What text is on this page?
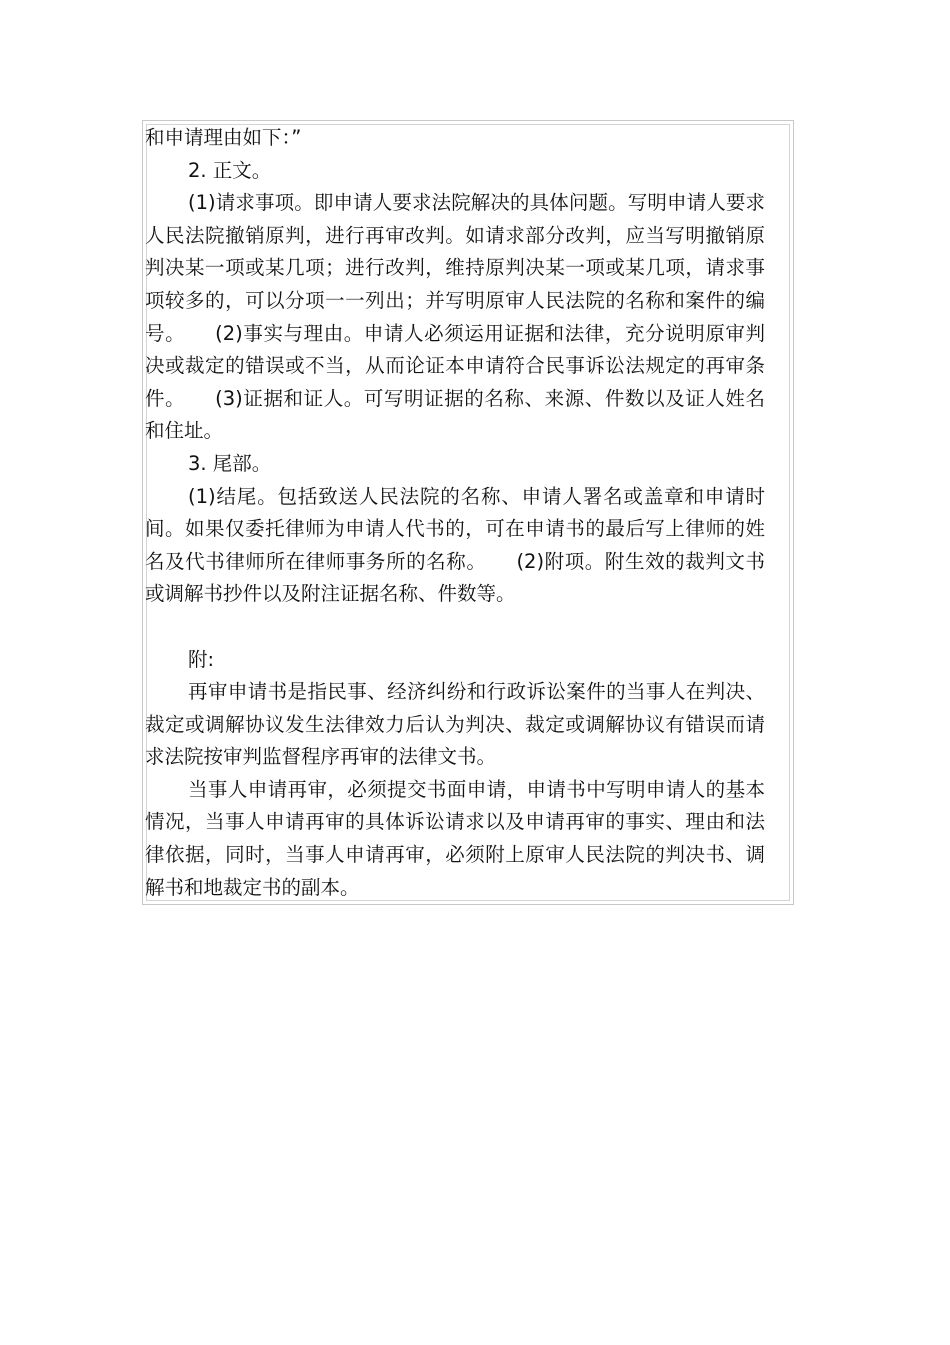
和申请理由如下：”

2. 正文。

(1)请求事项。即申请人要求法院解决的具体问题。写明申请人要求人民法院撤销原判，进行再审改判。如请求部分改判，应当写明撤销原判决某一项或某几项；进行改判，维持原判决某一项或某几项，请求事项较多的，可以分项一一列出；并写明原审人民法院的名称和案件的编号。 (2)事实与理由。申请人必须运用证据和法律，充分说明原审判决或裁定的错误或不当，从而论证本申请符合民事诉讼法规定的再审条件。 (3)证据和证人。可写明证据的名称、来源、件数以及证人姓名和住址。

3. 尾部。

(1)结尾。包括致送人民法院的名称、申请人署名或盖章和申请时间。如果仅委托律师为申请人代书的，可在申请书的最后写上律师的姓名及代书律师所在律师事务所的名称。 (2)附项。附生效的裁判文书或调解书抄件以及附注证据名称、件数等。

附:

再审申请书是指民事、经济纠纷和行政诉讼案件的当事人在判决、裁定或调解协议发生法律效力后认为判决、裁定或调解协议有错误而请求法院按审判监督程序再审的法律文书。

当事人申请再审，必须提交书面申请，申请书中写明申请人的基本情况，当事人申请再审的具体诉讼请求以及申请再审的事实、理由和法律依据，同时，当事人申请再审，必须附上原审人民法院的判决书、调解书和地裁定书的副本。
